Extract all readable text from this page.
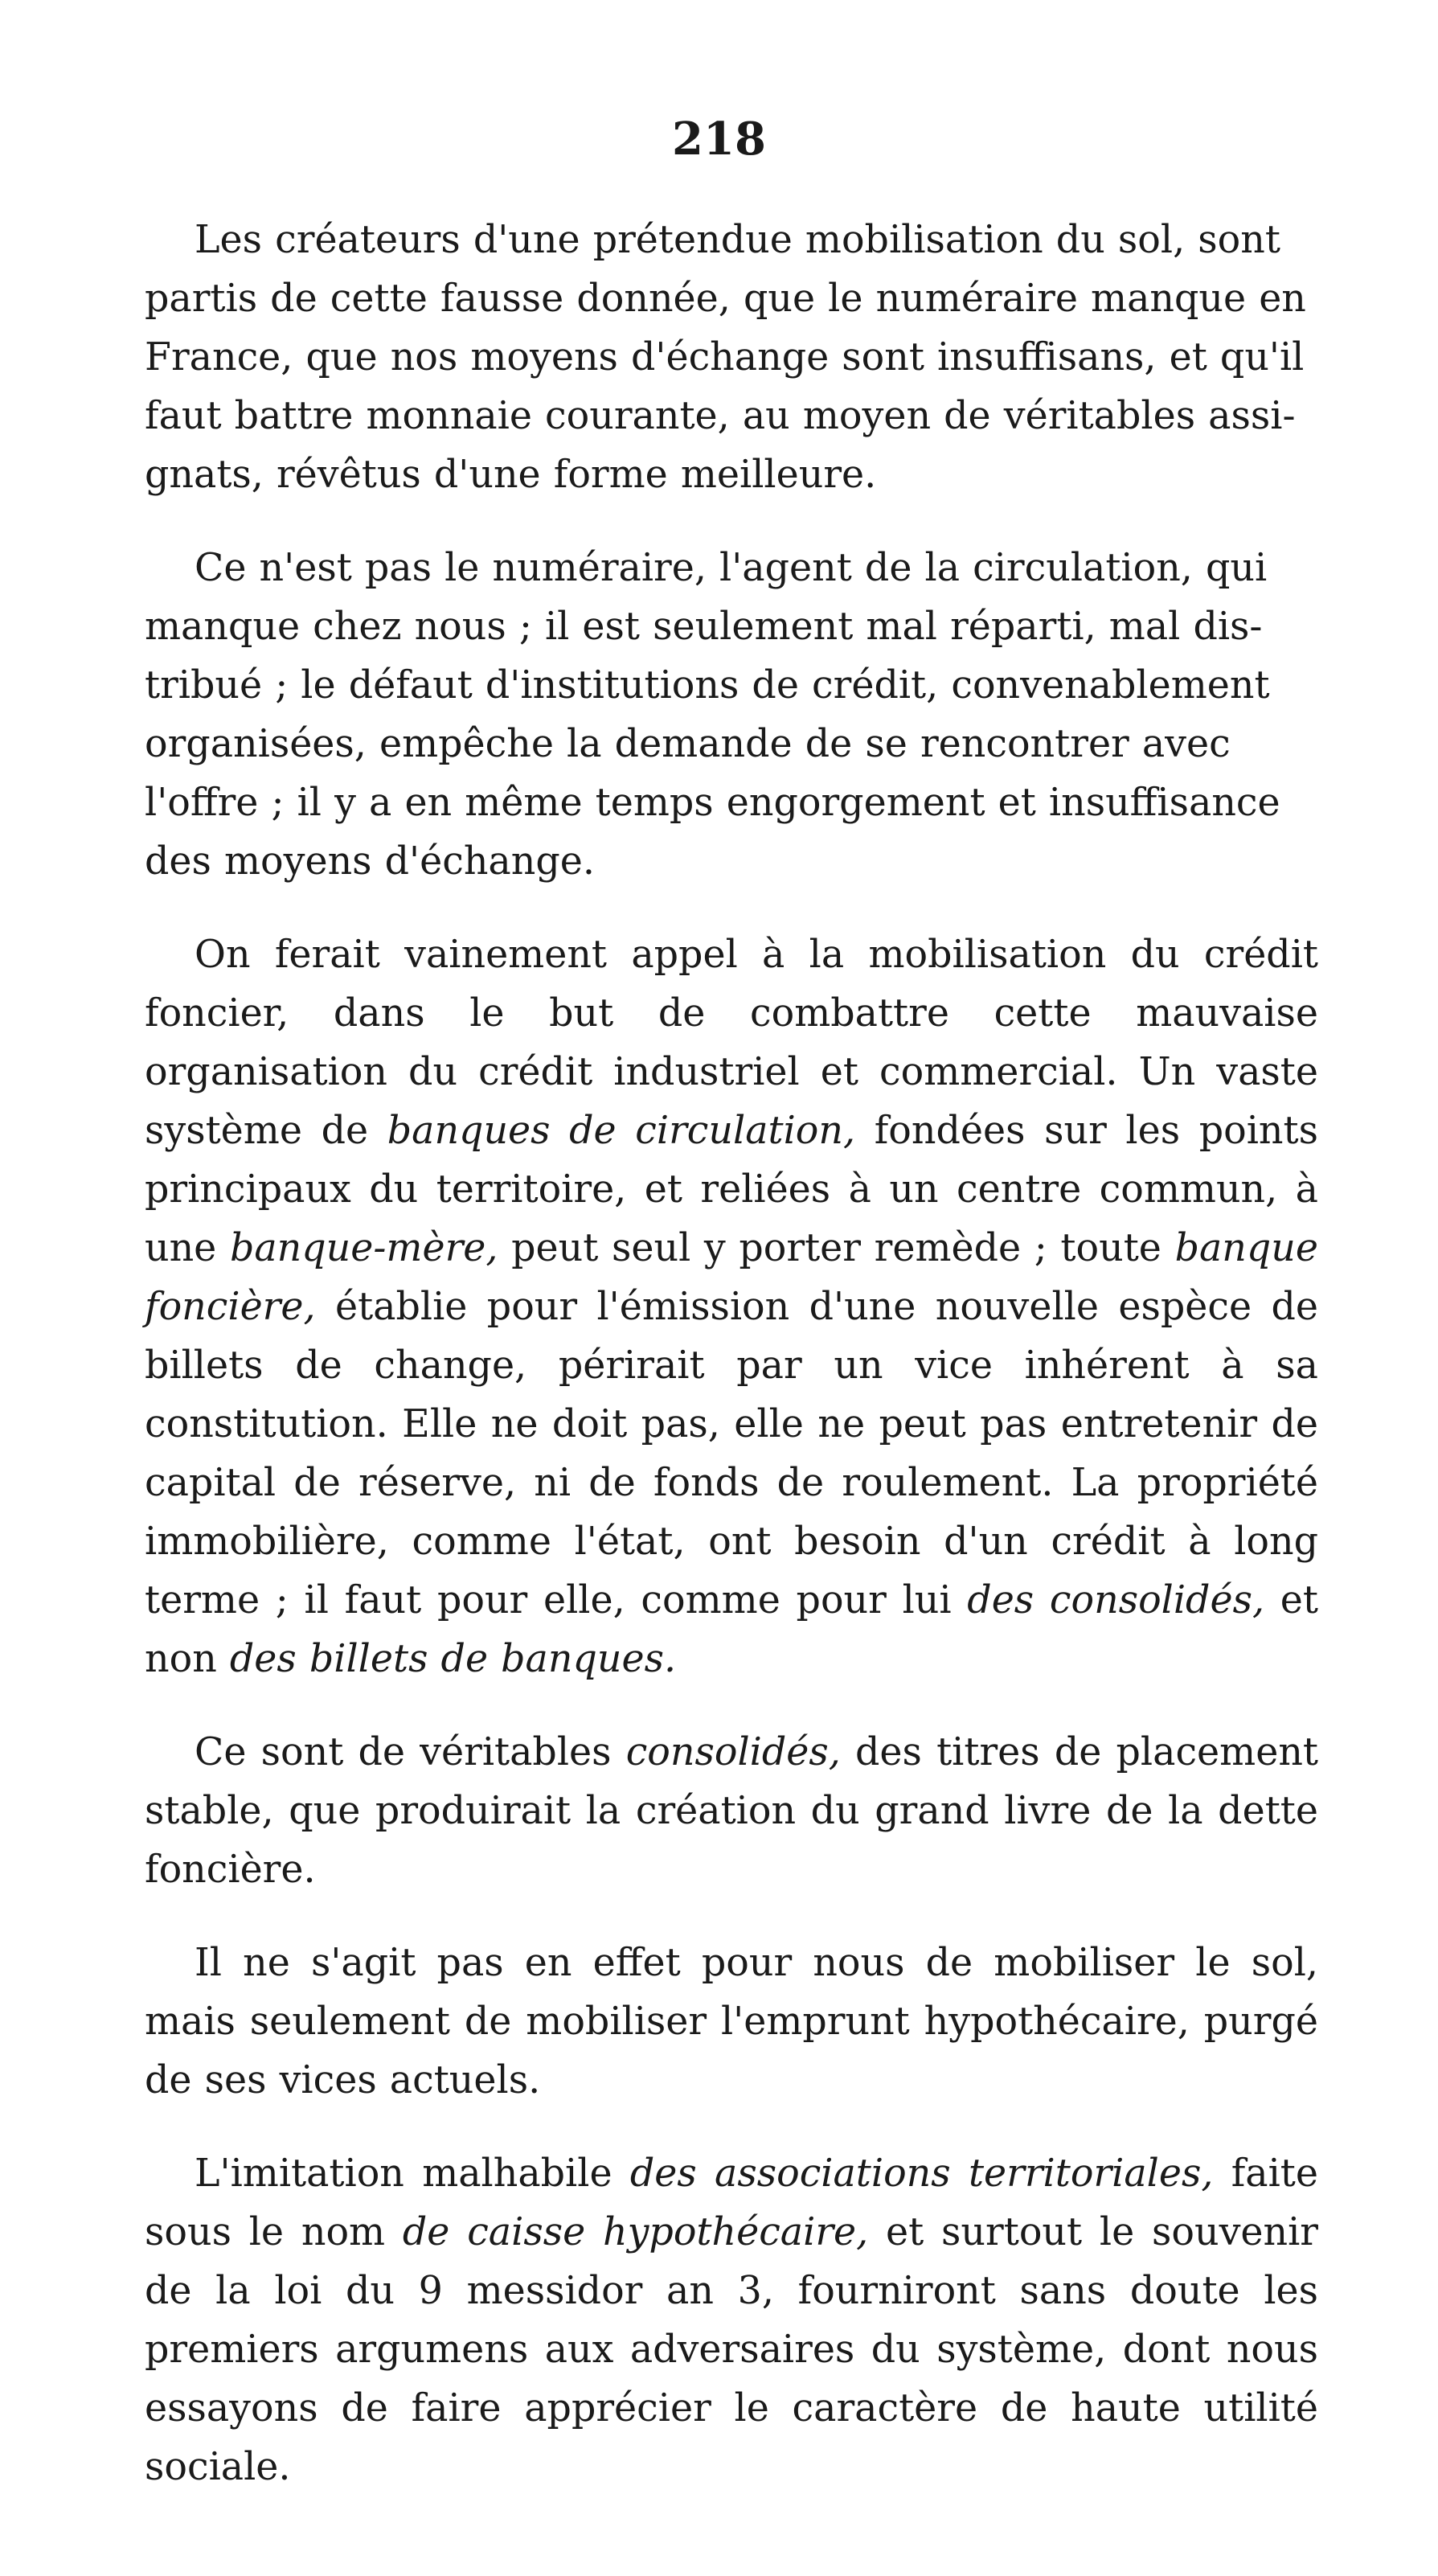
218

Les créateurs d'une prétendue mobilisation du sol, sont
partis de cette fausse donnée, que le numéraire manque en
France, que nos moyens d'échange sont insuffisans, et qu'il
faut battre monnaie courante, au moyen de véritables assi-
gnats, révêtus d'une forme meilleure.

Ce n'est pas le numéraire, l'agent de la circulation, qui
manque chez nous ; il est seulement mal réparti, mal dis-
tribué ; le défaut d'institutions de crédit, convenablement
organisées, empêche la demande de se rencontrer avec
l'offre ; il y a en même temps engorgement et insuffisance
des moyens d'échange.

On ferait vainement appel à la mobilisation du crédit foncier, dans le but de combattre cette mauvaise organisation du crédit industriel et commercial. Un vaste système de banques de circulation, fondées sur les points principaux du territoire, et reliées à un centre commun, à une banque-mère, peut seul y porter remède ; toute banque foncière, établie pour l'émission d'une nouvelle espèce de billets de change, périrait par un vice inhérent à sa constitution. Elle ne doit pas, elle ne peut pas entretenir de capital de réserve, ni de fonds de roulement. La propriété immobilière, comme l'état, ont besoin d'un crédit à long terme ; il faut pour elle, comme pour lui des consolidés, et non des billets de banques.

Ce sont de véritables consolidés, des titres de placement stable, que produirait la création du grand livre de la dette foncière.

Il ne s'agit pas en effet pour nous de mobiliser le sol, mais seulement de mobiliser l'emprunt hypothécaire, purgé de ses vices actuels.

L'imitation malhabile des associations territoriales, faite sous le nom de caisse hypothécaire, et surtout le souvenir de la loi du 9 messidor an 3, fourniront sans doute les premiers argumens aux adversaires du système, dont nous essayons de faire apprécier le caractère de haute utilité sociale.
